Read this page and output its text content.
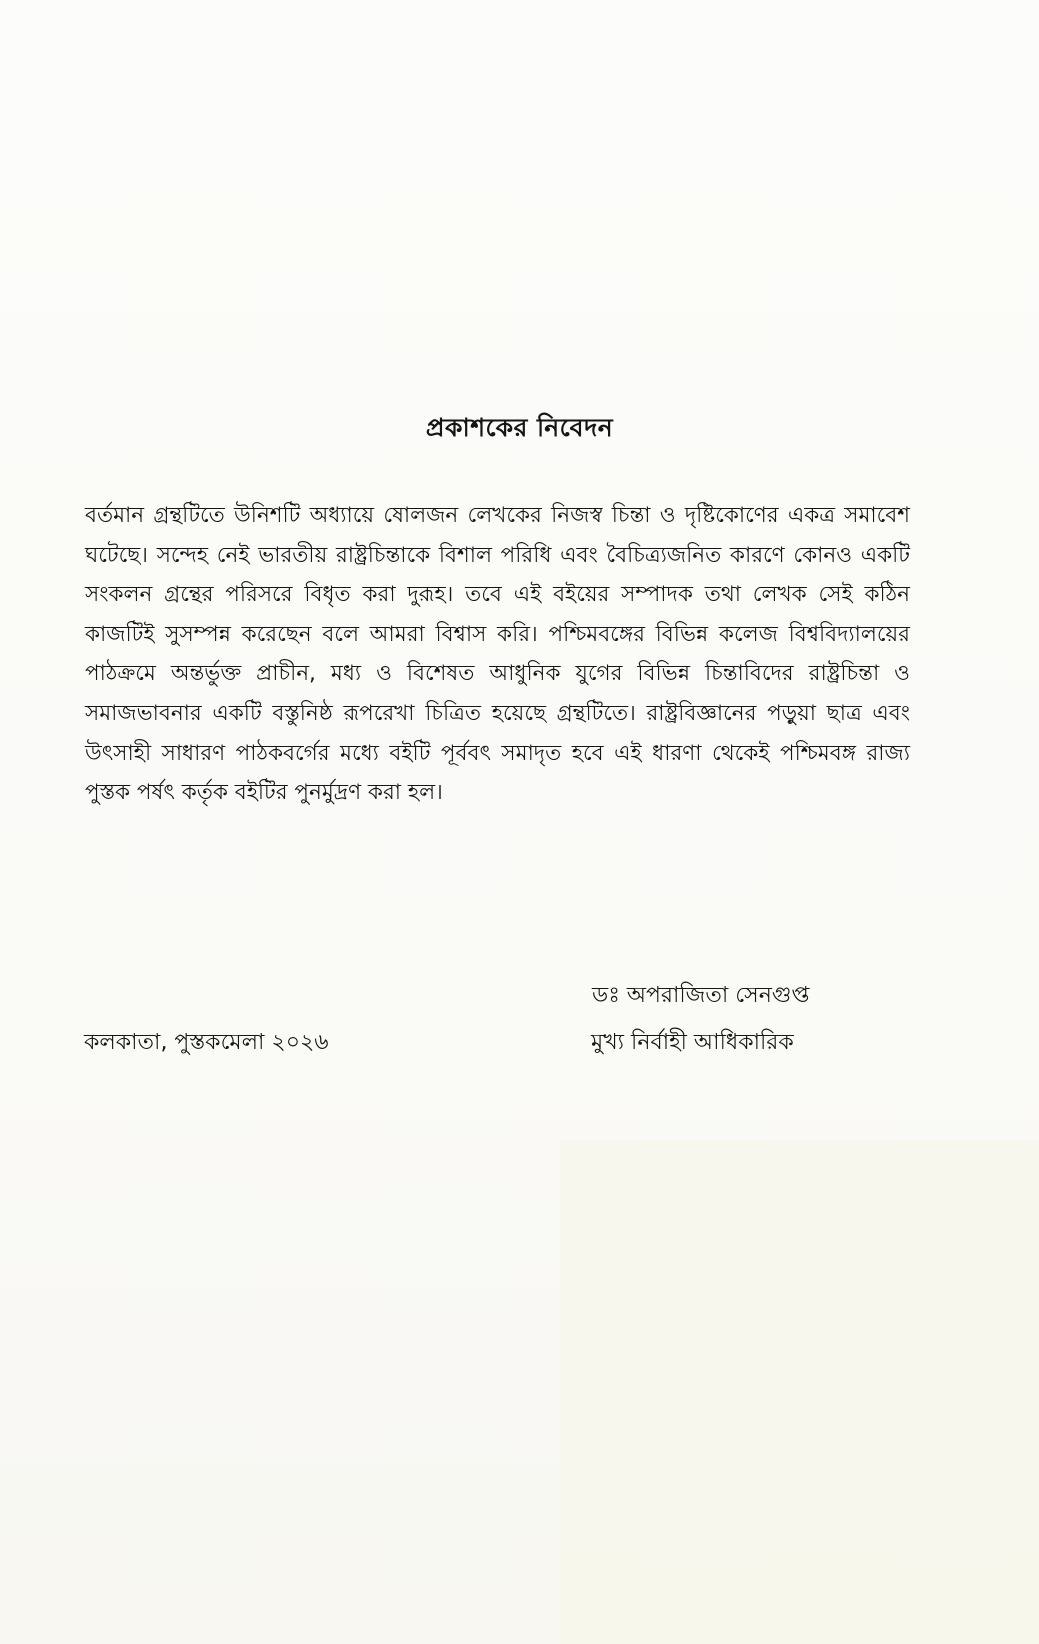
প্রকাশকের নিবেদন

বর্তমান গ্রন্থটিতে উনিশটি অধ্যায়ে ষোলজন লেখকের নিজস্ব চিন্তা ও দৃষ্টিকোণের একত্র সমাবেশ ঘটেছে। সন্দেহ নেই ভারতীয় রাষ্ট্রচিন্তাকে বিশাল পরিধি এবং বৈচিত্র্যজনিত কারণে কোনও একটি সংকলন গ্রন্থের পরিসরে বিধৃত করা দুরূহ। তবে এই বইয়ের সম্পাদক তথা লেখক সেই কঠিন কাজটিই সুসম্পন্ন করেছেন বলে আমরা বিশ্বাস করি। পশ্চিমবঙ্গের বিভিন্ন কলেজ বিশ্ববিদ্যালয়ের পাঠক্রমে অন্তর্ভুক্ত প্রাচীন, মধ্য ও বিশেষত আধুনিক যুগের বিভিন্ন চিন্তাবিদের রাষ্ট্রচিন্তা ও সমাজভাবনার একটি বস্তুনিষ্ঠ রূপরেখা চিত্রিত হয়েছে গ্রন্থটিতে। রাষ্ট্রবিজ্ঞানের পড়ুয়া ছাত্র এবং উৎসাহী সাধারণ পাঠকবর্গের মধ্যে বইটি পূর্ববৎ সমাদৃত হবে এই ধারণা থেকেই পশ্চিমবঙ্গ রাজ্য পুস্তক পর্ষৎ কর্তৃক বইটির পুনর্মুদ্রণ করা হল।

ডঃ অপরাজিতা সেনগুপ্ত
কলকাতা, পুস্তকমেলা ২০২৬	মুখ্য নির্বাহী আধিকারিক
